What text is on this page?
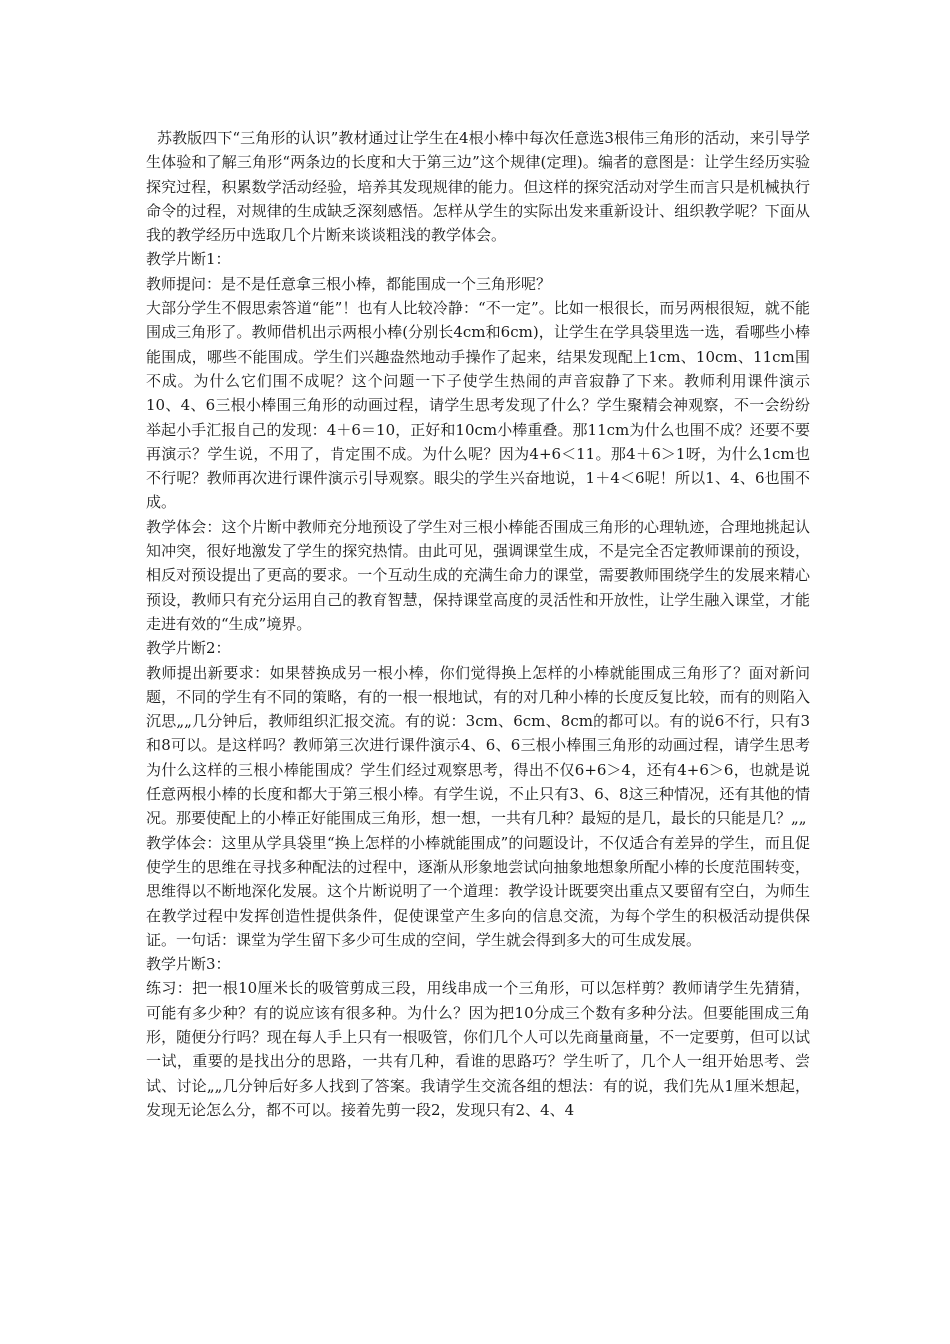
苏教版四下“三角形的认识”教材通过让学生在4根小棒中每次任意选3根伟三角形的活动，来引导学生体验和了解三角形“两条边的长度和大于第三边”这个规律(定理)。编者的意图是：让学生经历实验探究过程，积累数学活动经验，培养其发现规律的能力。但这样的探究活动对学生而言只是机械执行命令的过程，对规律的生成缺乏深刻感悟。怎样从学生的实际出发来重新设计、组织教学呢？下面从我的教学经历中选取几个片断来谈谈粗浅的教学体会。

教学片断1：

教师提问：是不是任意拿三根小棒，都能围成一个三角形呢？

大部分学生不假思索答道“能”！也有人比较冷静：“不一定”。比如一根很长，而另两根很短，就不能围成三角形了。教师借机出示两根小棒(分别长4cm和6cm)，让学生在学具袋里选一选，看哪些小棒能围成，哪些不能围成。学生们兴趣盎然地动手操作了起来，结果发现配上1cm、10cm、11cm围不成。为什么它们围不成呢？这个问题一下子使学生热闹的声音寂静了下来。教师利用课件演示10、4、6三根小棒围三角形的动画过程，请学生思考发现了什么？学生聚精会神观察，不一会纷纷举起小手汇报自己的发现：4＋6＝10，正好和10cm小棒重叠。那11cm为什么也围不成？还要不要再演示？学生说，不用了，肯定围不成。为什么呢？因为4+6＜11。那4＋6＞1呀，为什么1cm也不行呢？教师再次进行课件演示引导观察。眼尖的学生兴奋地说，1＋4＜6呢！所以1、4、6也围不成。

教学体会：这个片断中教师充分地预设了学生对三根小棒能否围成三角形的心理轨迹，合理地挑起认知冲突，很好地激发了学生的探究热情。由此可见，强调课堂生成，不是完全否定教师课前的预设，相反对预设提出了更高的要求。一个互动生成的充满生命力的课堂，需要教师围绕学生的发展来精心预设，教师只有充分运用自己的教育智慧，保持课堂高度的灵活性和开放性，让学生融入课堂，才能走进有效的“生成”境界。

教学片断2：

教师提出新要求：如果替换成另一根小棒，你们觉得换上怎样的小棒就能围成三角形了？面对新问题，不同的学生有不同的策略，有的一根一根地试，有的对几种小棒的长度反复比较，而有的则陷入沉思„„几分钟后，教师组织汇报交流。有的说：3cm、6cm、8cm的都可以。有的说6不行，只有3和8可以。是这样吗？教师第三次进行课件演示4、6、6三根小棒围三角形的动画过程，请学生思考为什么这样的三根小棒能围成？学生们经过观察思考，得出不仅6+6＞4，还有4+6＞6，也就是说任意两根小棒的长度和都大于第三根小棒。有学生说，不止只有3、6、8这三种情况，还有其他的情况。那要使配上的小棒正好能围成三角形，想一想，一共有几种？最短的是几，最长的只能是几？„„

教学体会：这里从学具袋里“换上怎样的小棒就能围成”的问题设计，不仅适合有差异的学生，而且促使学生的思维在寻找多种配法的过程中，逐渐从形象地尝试向抽象地想象所配小棒的长度范围转变，思维得以不断地深化发展。这个片断说明了一个道理：教学设计既要突出重点又要留有空白，为师生在教学过程中发挥创造性提供条件，促使课堂产生多向的信息交流，为每个学生的积极活动提供保证。一句话：课堂为学生留下多少可生成的空间，学生就会得到多大的可生成发展。

教学片断3：

练习：把一根10厘米长的吸管剪成三段，用线串成一个三角形，可以怎样剪？教师请学生先猜猜，可能有多少种？有的说应该有很多种。为什么？因为把10分成三个数有多种分法。但要能围成三角形，随便分行吗？现在每人手上只有一根吸管，你们几个人可以先商量商量，不一定要剪，但可以试一试，重要的是找出分的思路，一共有几种，看谁的思路巧？学生听了，几个人一组开始思考、尝试、讨论„„几分钟后好多人找到了答案。我请学生交流各组的想法：有的说，我们先从1厘米想起，发现无论怎么分，都不可以。接着先剪一段2，发现只有2、4、4
